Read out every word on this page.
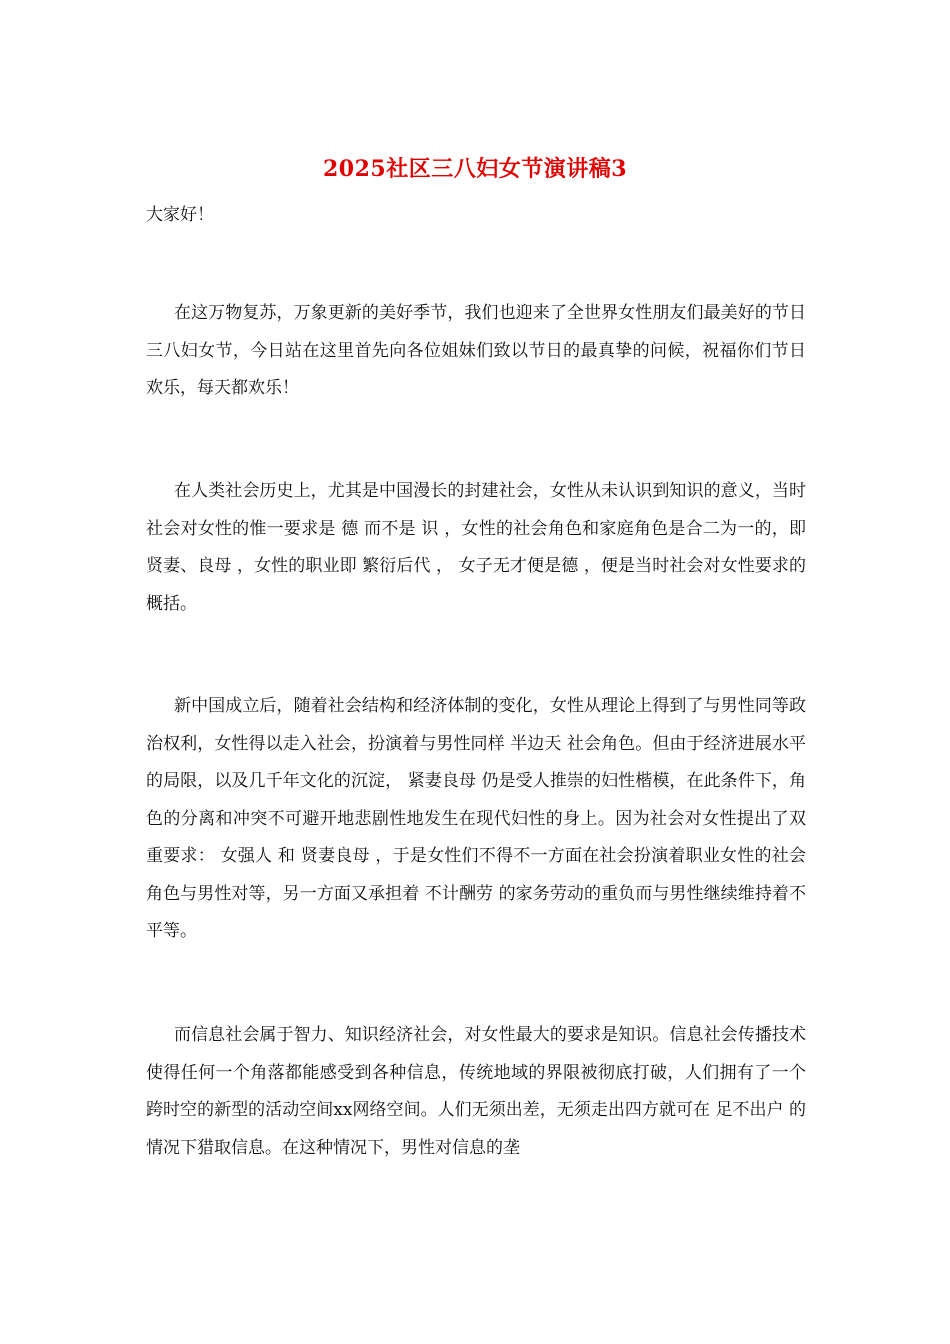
2025社区三八妇女节演讲稿3
大家好！

在这万物复苏，万象更新的美好季节，我们也迎来了全世界女性朋友们最美好的节日 三八妇女节，今日站在这里首先向各位姐妹们致以节日的最真挚的问候，祝福你们节日欢乐，每天都欢乐！

在人类社会历史上，尤其是中国漫长的封建社会，女性从未认识到知识的意义，当时社会对女性的惟一要求是 德 而不是 识 ，女性的社会角色和家庭角色是合二为一的，即 贤妻、良母 ，女性的职业即 繁衍后代 ， 女子无才便是德 ，便是当时社会对女性要求的概括。

新中国成立后，随着社会结构和经济体制的变化，女性从理论上得到了与男性同等政治权利，女性得以走入社会，扮演着与男性同样 半边天 社会角色。但由于经济进展水平的局限，以及几千年文化的沉淀， 紧妻良母 仍是受人推崇的妇性楷模，在此条件下，角色的分离和冲突不可避开地悲剧性地发生在现代妇性的身上。因为社会对女性提出了双重要求： 女强人 和 贤妻良母 ，于是女性们不得不一方面在社会扮演着职业女性的社会角色与男性对等，另一方面又承担着 不计酬劳 的家务劳动的重负而与男性继续维持着不平等。

而信息社会属于智力、知识经济社会，对女性最大的要求是知识。信息社会传播技术使得任何一个角落都能感受到各种信息，传统地域的界限被彻底打破，人们拥有了一个跨时空的新型的活动空间xx网络空间。人们无须出差，无须走出四方就可在 足不出户 的情况下猎取信息。在这种情况下，男性对信息的垄
